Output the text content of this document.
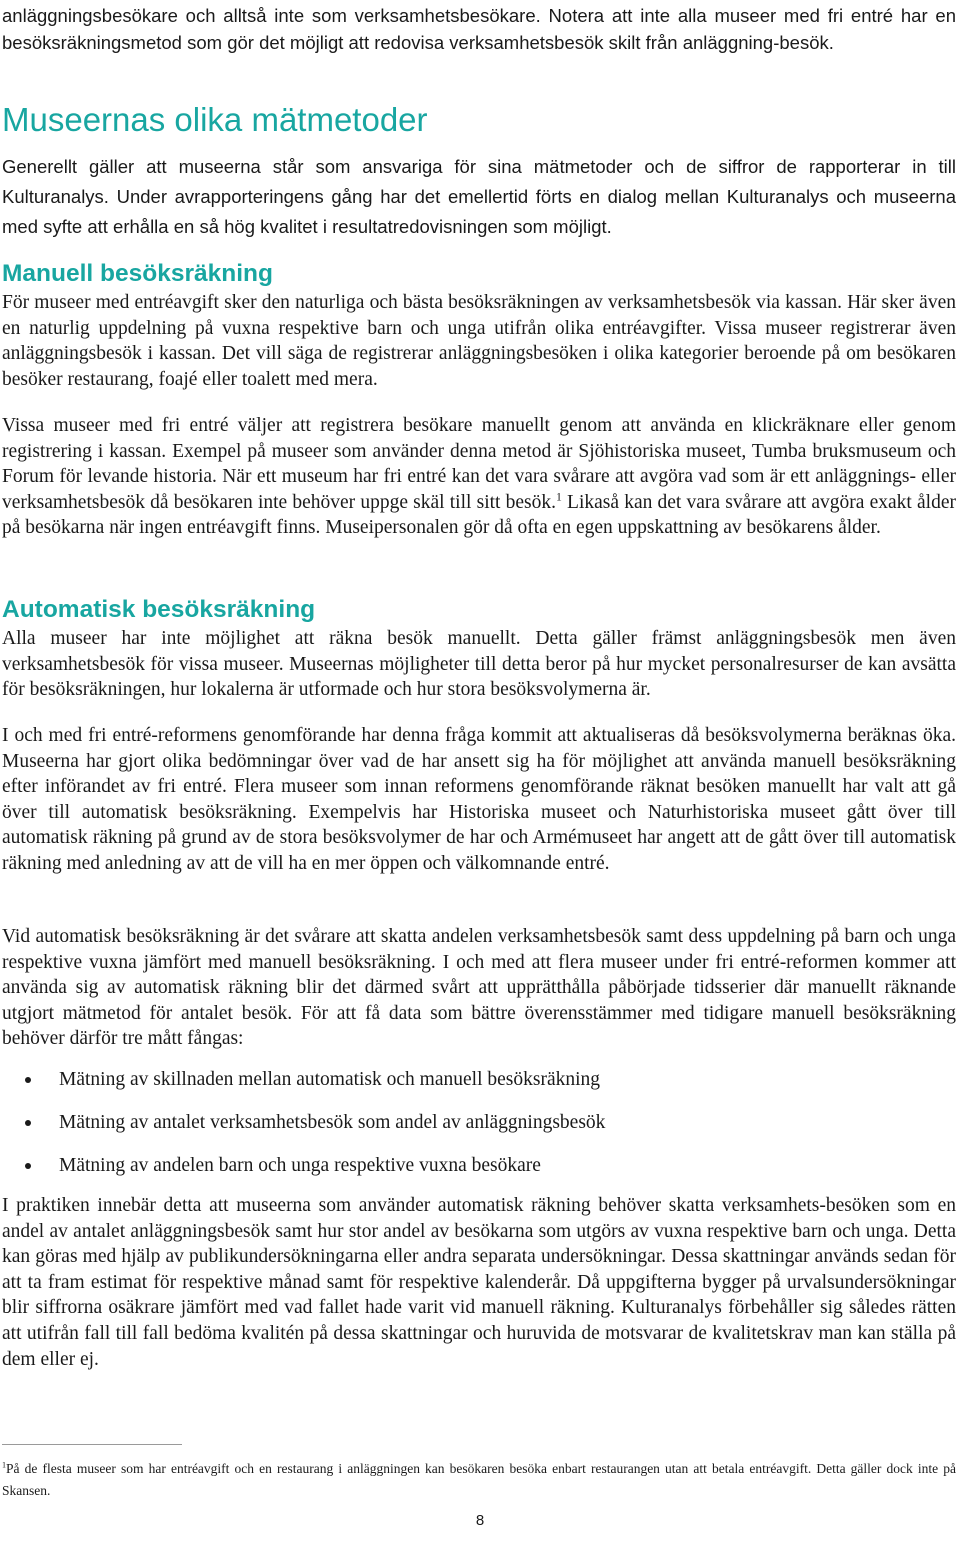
anläggningsbesökare och alltså inte som verksamhetsbesökare. Notera att inte alla museer med fri entré har en besöksräkningsmetod som gör det möjligt att redovisa verksamhetsbesök skilt från anläggning-besök.

Museernas olika mätmetoder

Generellt gäller att museerna står som ansvariga för sina mätmetoder och de siffror de rapporterar in till Kulturanalys. Under avrapporteringens gång har det emellertid förts en dialog mellan Kulturanalys och museerna med syfte att erhålla en så hög kvalitet i resultatredovisningen som möjligt.

Manuell besöksräkning

För museer med entréavgift sker den naturliga och bästa besöksräkningen av verksamhetsbesök via kassan. Här sker även en naturlig uppdelning på vuxna respektive barn och unga utifrån olika entréavgifter. Vissa museer registrerar även anläggningsbesök i kassan. Det vill säga de registrerar anläggningsbesöken i olika kategorier beroende på om besökaren besöker restaurang, foajé eller toalett med mera.

Vissa museer med fri entré väljer att registrera besökare manuellt genom att använda en klickräknare eller genom registrering i kassan. Exempel på museer som använder denna metod är Sjöhistoriska museet, Tumba bruksmuseum och Forum för levande historia. När ett museum har fri entré kan det vara svårare att avgöra vad som är ett anläggnings- eller verksamhetsbesök då besökaren inte behöver uppge skäl till sitt besök.$^1$ Likaså kan det vara svårare att avgöra exakt ålder på besökarna när ingen entréavgift finns. Museipersonalen gör då ofta en egen uppskattning av besökarens ålder.

Automatisk besöksräkning

Alla museer har inte möjlighet att räkna besök manuellt. Detta gäller främst anläggningsbesök men även verksamhetsbesök för vissa museer. Museernas möjligheter till detta beror på hur mycket personalresurser de kan avsätta för besöksräkningen, hur lokalerna är utformade och hur stora besöksvolymerna är.

I och med fri entré-reformens genomförande har denna fråga kommit att aktualiseras då besöksvolymerna beräknas öka. Museerna har gjort olika bedömningar över vad de har ansett sig ha för möjlighet att använda manuell besöksräkning efter införandet av fri entré. Flera museer som innan reformens genomförande räknat besöken manuellt har valt att gå över till automatisk besöksräkning. Exempelvis har Historiska museet och Naturhistoriska museet gått över till automatisk räkning på grund av de stora besöksvolymer de har och Armémuseet har angett att de gått över till automatisk räkning med anledning av att de vill ha en mer öppen och välkomnande entré.

Vid automatisk besöksräkning är det svårare att skatta andelen verksamhetsbesök samt dess uppdelning på barn och unga respektive vuxna jämfört med manuell besöksräkning. I och med att flera museer under fri entré-reformen kommer att använda sig av automatisk räkning blir det därmed svårt att upprätthålla påbörjade tidsserier där manuellt räknande utgjort mätmetod för antalet besök. För att få data som bättre överensstämmer med tidigare manuell besöksräkning behöver därför tre mått fångas:

Mätning av skillnaden mellan automatisk och manuell besöksräkning
Mätning av antalet verksamhetsbesök som andel av anläggningsbesök
Mätning av andelen barn och unga respektive vuxna besökare

I praktiken innebär detta att museerna som använder automatisk räkning behöver skatta verksamhets-besöken som en andel av antalet anläggningsbesök samt hur stor andel av besökarna som utgörs av vuxna respektive barn och unga. Detta kan göras med hjälp av publikundersökningarna eller andra separata undersökningar. Dessa skattningar används sedan för att ta fram estimat för respektive månad samt för respektive kalenderår. Då uppgifterna bygger på urvalsundersökningar blir siffrorna osäkrare jämfört med vad fallet hade varit vid manuell räkning. Kulturanalys förbehåller sig således rätten att utifrån fall till fall bedöma kvalitén på dessa skattningar och huruvida de motsvarar de kvalitetskrav man kan ställa på dem eller ej.

$^1$På de flesta museer som har entréavgift och en restaurang i anläggningen kan besökaren besöka enbart restaurangen utan att betala entréavgift. Detta gäller dock inte på Skansen.

8
